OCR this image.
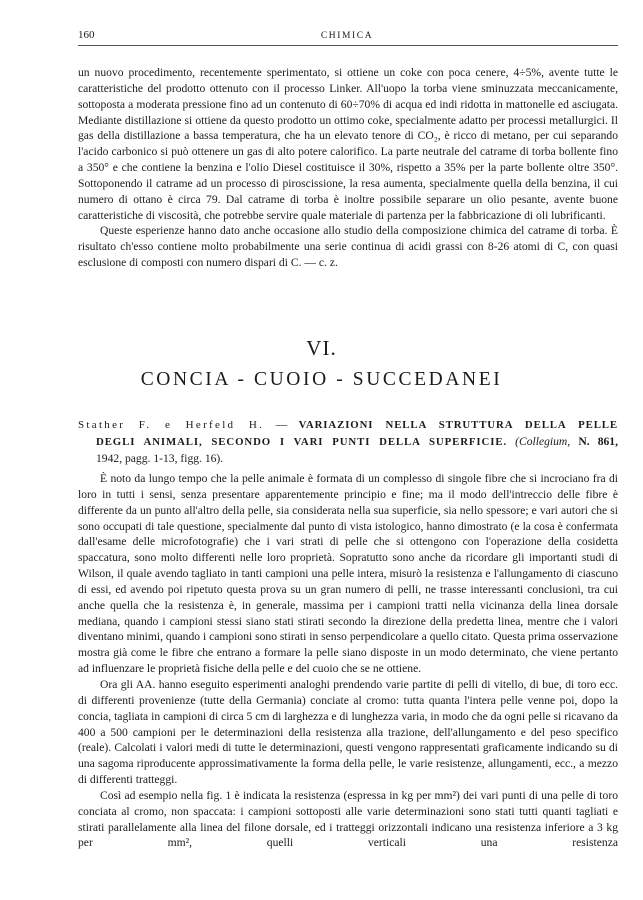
160	CHIMICA

un nuovo procedimento, recentemente sperimentato, si ottiene un coke con poca cenere, 4÷5%, avente tutte le caratteristiche del prodotto ottenuto con il processo Linker. All'uopo la torba viene sminuzzata meccanicamente, sottoposta a moderata pressione fino ad un contenuto di 60÷70% di acqua ed indi ridotta in mattonelle ed asciugata. Mediante distillazione si ottiene da questo prodotto un ottimo coke, specialmente adatto per processi metallurgici. Il gas della distillazione a bassa temperatura, che ha un elevato tenore di CO₂, è ricco di metano, per cui separando l'acido carbonico si può ottenere un gas di alto potere calorifico. La parte neutrale del catrame di torba bollente fino a 350° e che contiene la benzina e l'olio Diesel costituisce il 30%, rispetto a 35% per la parte bollente oltre 350°. Sottoponendo il catrame ad un processo di piroscissione, la resa aumenta, specialmente quella della benzina, il cui numero di ottano è circa 79. Dal catrame di torba è inoltre possibile separare un olio pesante, avente buone caratteristiche di viscosità, che potrebbe servire quale materiale di partenza per la fabbricazione di oli lubrificanti.

Queste esperienze hanno dato anche occasione allo studio della composizione chimica del catrame di torba. È risultato ch'esso contiene molto probabilmente una serie continua di acidi grassi con 8-26 atomi di C, con quasi esclusione di composti con numero dispari di C. — c. z.

VI.
CONCIA - CUOIO - SUCCEDANEI

Stather F. e Herfeld H. — VARIAZIONI NELLA STRUTTURA DELLA PELLE

DEGLI ANIMALI, SECONDO I VARI PUNTI DELLA SUPERFICIE. (Collegium, N. 861,

1942, pagg. 1-13, figg. 16).

È noto da lungo tempo che la pelle animale è formata di un complesso di singole fibre che si incrociano fra di loro in tutti i sensi, senza presentare apparentemente principio e fine; ma il modo dell'intreccio delle fibre è differente da un punto all'altro della pelle, sia considerata nella sua superficie, sia nello spessore; e vari autori che si sono occupati di tale questione, specialmente dal punto di vista istologico, hanno dimostrato (e la cosa è confermata dall'esame delle microfotografie) che i vari strati di pelle che si ottengono con l'operazione della cosidetta spaccatura, sono molto differenti nelle loro proprietà. Sopratutto sono anche da ricordare gli importanti studi di Wilson, il quale avendo tagliato in tanti campioni una pelle intera, misurò la resistenza e l'allungamento di ciascuno di essi, ed avendo poi ripetuto questa prova su un gran numero di pelli, ne trasse interessanti conclusioni, tra cui anche quella che la resistenza è, in generale, massima per i campioni tratti nella vicinanza della linea dorsale mediana, quando i campioni stessi siano stati stirati secondo la direzione della predetta linea, mentre che i valori diventano minimi, quando i campioni sono stirati in senso perpendicolare a quello citato. Questa prima osservazione mostra già come le fibre che entrano a formare la pelle siano disposte in un modo determinato, che viene pertanto ad influenzare le proprietà fisiche della pelle e del cuoio che se ne ottiene.

Ora gli AA. hanno eseguito esperimenti analoghi prendendo varie partite di pelli di vitello, di bue, di toro ecc. di differenti provenienze (tutte della Germania) conciate al cromo: tutta quanta l'intera pelle venne poi, dopo la concia, tagliata in campioni di circa 5 cm di larghezza e di lunghezza varia, in modo che da ogni pelle si ricavano da 400 a 500 campioni per le determinazioni della resistenza alla trazione, dell'allungamento e del peso specifico (reale). Calcolati i valori medi di tutte le determinazioni, questi vengono rappresentati graficamente indicando su di una sagoma riproducente approssimativamente la forma della pelle, le varie resistenze, allungamenti, ecc., a mezzo di differenti tratteggi.

Così ad esempio nella fig. 1 è indicata la resistenza (espressa in kg per mm²) dei vari punti di una pelle di toro conciata al cromo, non spaccata: i campioni sottoposti alle varie determinazioni sono stati tutti quanti tagliati e stirati parallelamente alla linea del filone dorsale, ed i tratteggi orizzontali indicano una resistenza inferiore a 3 kg per mm², quelli verticali una resistenza
